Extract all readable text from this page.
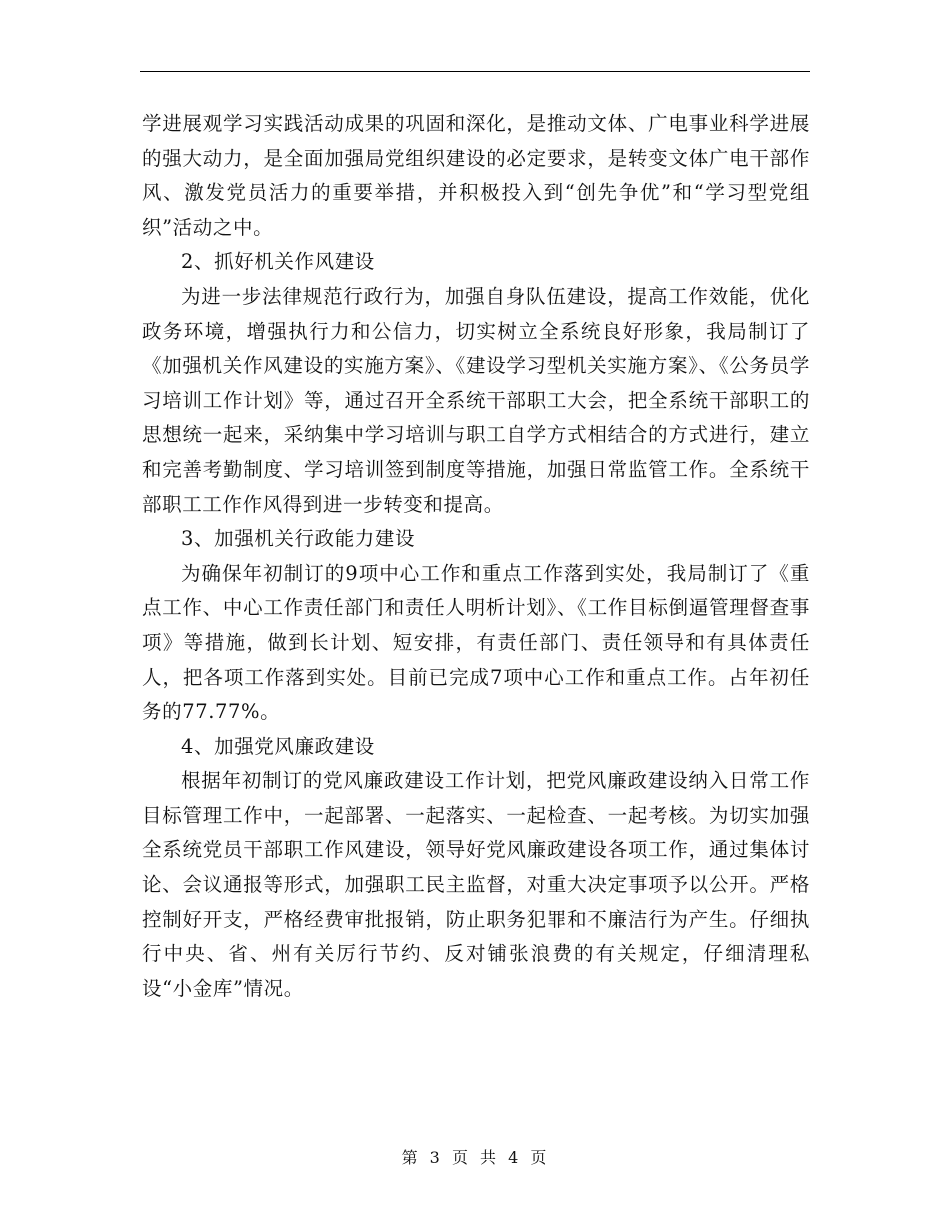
学进展观学习实践活动成果的巩固和深化，是推动文体、广电事业科学进展的强大动力，是全面加强局党组织建设的必定要求，是转变文体广电干部作风、激发党员活力的重要举措，并积极投入到“创先争优”和“学习型党组织”活动之中。

2、抓好机关作风建设

为进一步法律规范行政行为，加强自身队伍建设，提高工作效能，优化政务环境，增强执行力和公信力，切实树立全系统良好形象，我局制订了《加强机关作风建设的实施方案》、《建设学习型机关实施方案》、《公务员学习培训工作计划》等，通过召开全系统干部职工大会，把全系统干部职工的思想统一起来，采纳集中学习培训与职工自学方式相结合的方式进行，建立和完善考勤制度、学习培训签到制度等措施，加强日常监管工作。全系统干部职工工作作风得到进一步转变和提高。

3、加强机关行政能力建设

为确保年初制订的9项中心工作和重点工作落到实处，我局制订了《重点工作、中心工作责任部门和责任人明析计划》、《工作目标倒逼管理督查事项》等措施，做到长计划、短安排，有责任部门、责任领导和有具体责任人，把各项工作落到实处。目前已完成7项中心工作和重点工作。占年初任务的77.77%。

4、加强党风廉政建设

根据年初制订的党风廉政建设工作计划，把党风廉政建设纳入日常工作目标管理工作中，一起部署、一起落实、一起检查、一起考核。为切实加强全系统党员干部职工作风建设，领导好党风廉政建设各项工作，通过集体讨论、会议通报等形式，加强职工民主监督，对重大决定事项予以公开。严格控制好开支，严格经费审批报销，防止职务犯罪和不廉洁行为产生。仔细执行中央、省、州有关厉行节约、反对铺张浪费的有关规定，仔细清理私设“小金库”情况。

第 3 页 共 4 页
